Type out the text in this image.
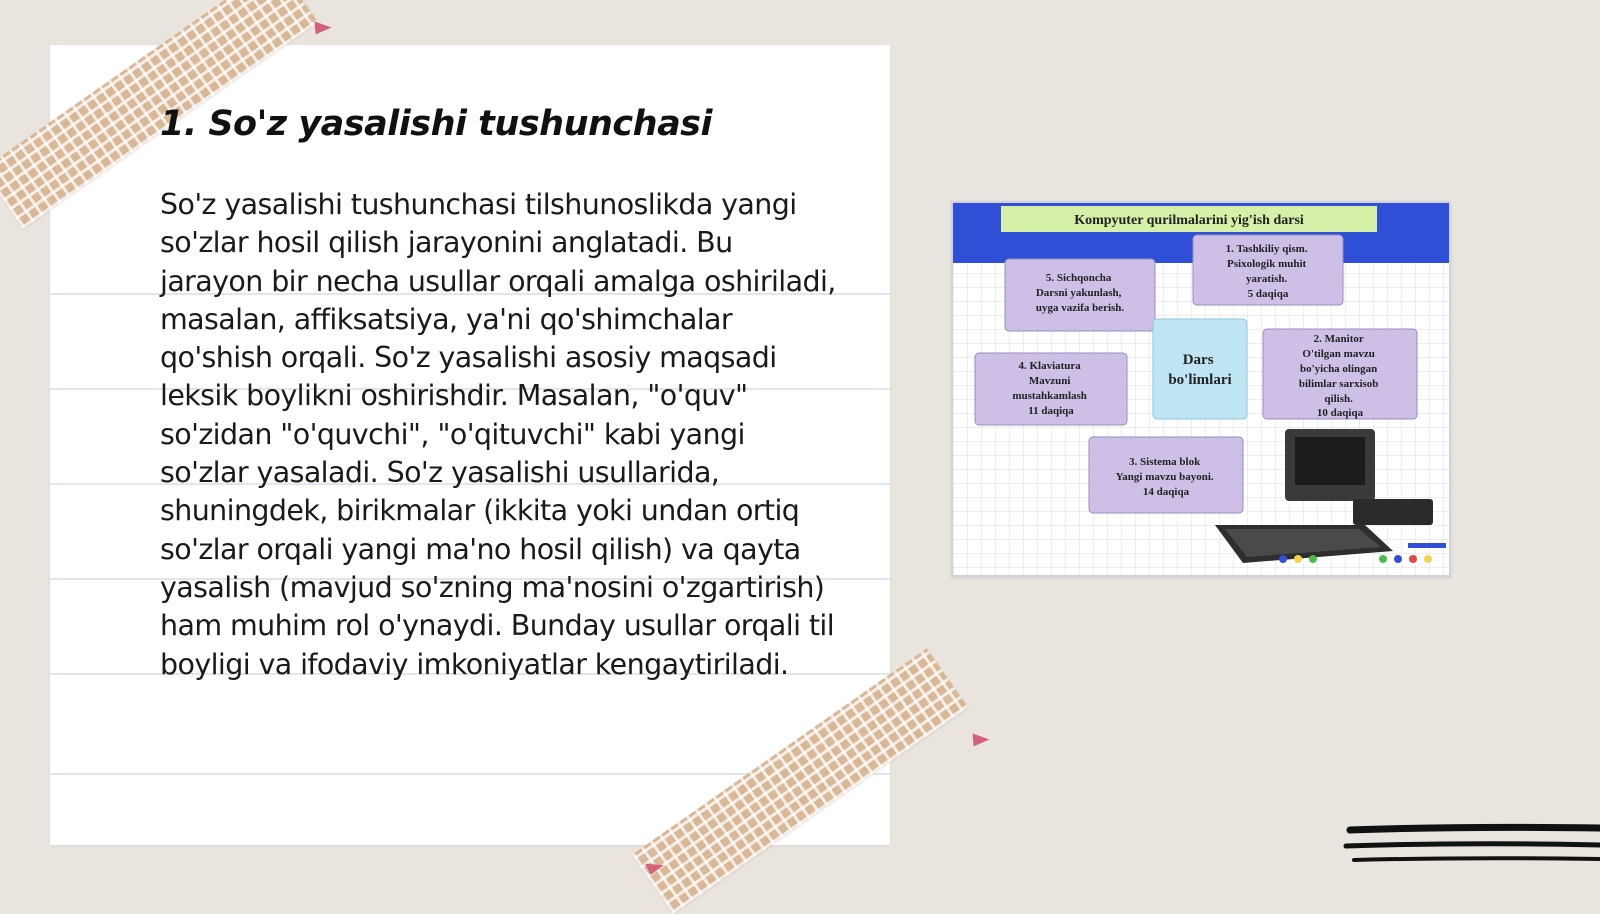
1. So'z yasalishi tushunchasi

So'z yasalishi tushunchasi tilshunoslikda yangi so'zlar hosil qilish jarayonini anglatadi. Bu jarayon bir necha usullar orqali amalga oshiriladi, masalan, affiksatsiya, ya'ni qo'shimchalar qo'shish orqali. So'z yasalishi asosiy maqsadi leksik boylikni oshirishdir. Masalan, "o'quv" so'zidan "o'quvchi", "o'qituvchi" kabi yangi so'zlar yasaladi. So'z yasalishi usullarida, shuningdek, birikmalar (ikkita yoki undan ortiq so'zlar orqali yangi ma'no hosil qilish) va qayta yasalish (mavjud so'zning ma'nosini o'zgartirish) ham muhim rol o'ynaydi. Bunday usullar orqali til boyligi va ifodaviy imkoniyatlar kengaytiriladi.

Kompyuter qurilmalarini yig'ish darsi
5. Sichqoncha Darsni yakunlash, uyga vazifa berish.
1. Tashkiliy qism. Psixologik muhit yaratish. 5 daqiqa
Dars bo'limlari
2. Manitor O'tilgan mavzu bo'yicha olingan bilimlar sarxisob qilish. 10 daqiqa
4. Klaviatura Mavzuni mustahkamlash 11 daqiqa
3. Sistema blok Yangi mavzu bayoni. 14 daqiqa
